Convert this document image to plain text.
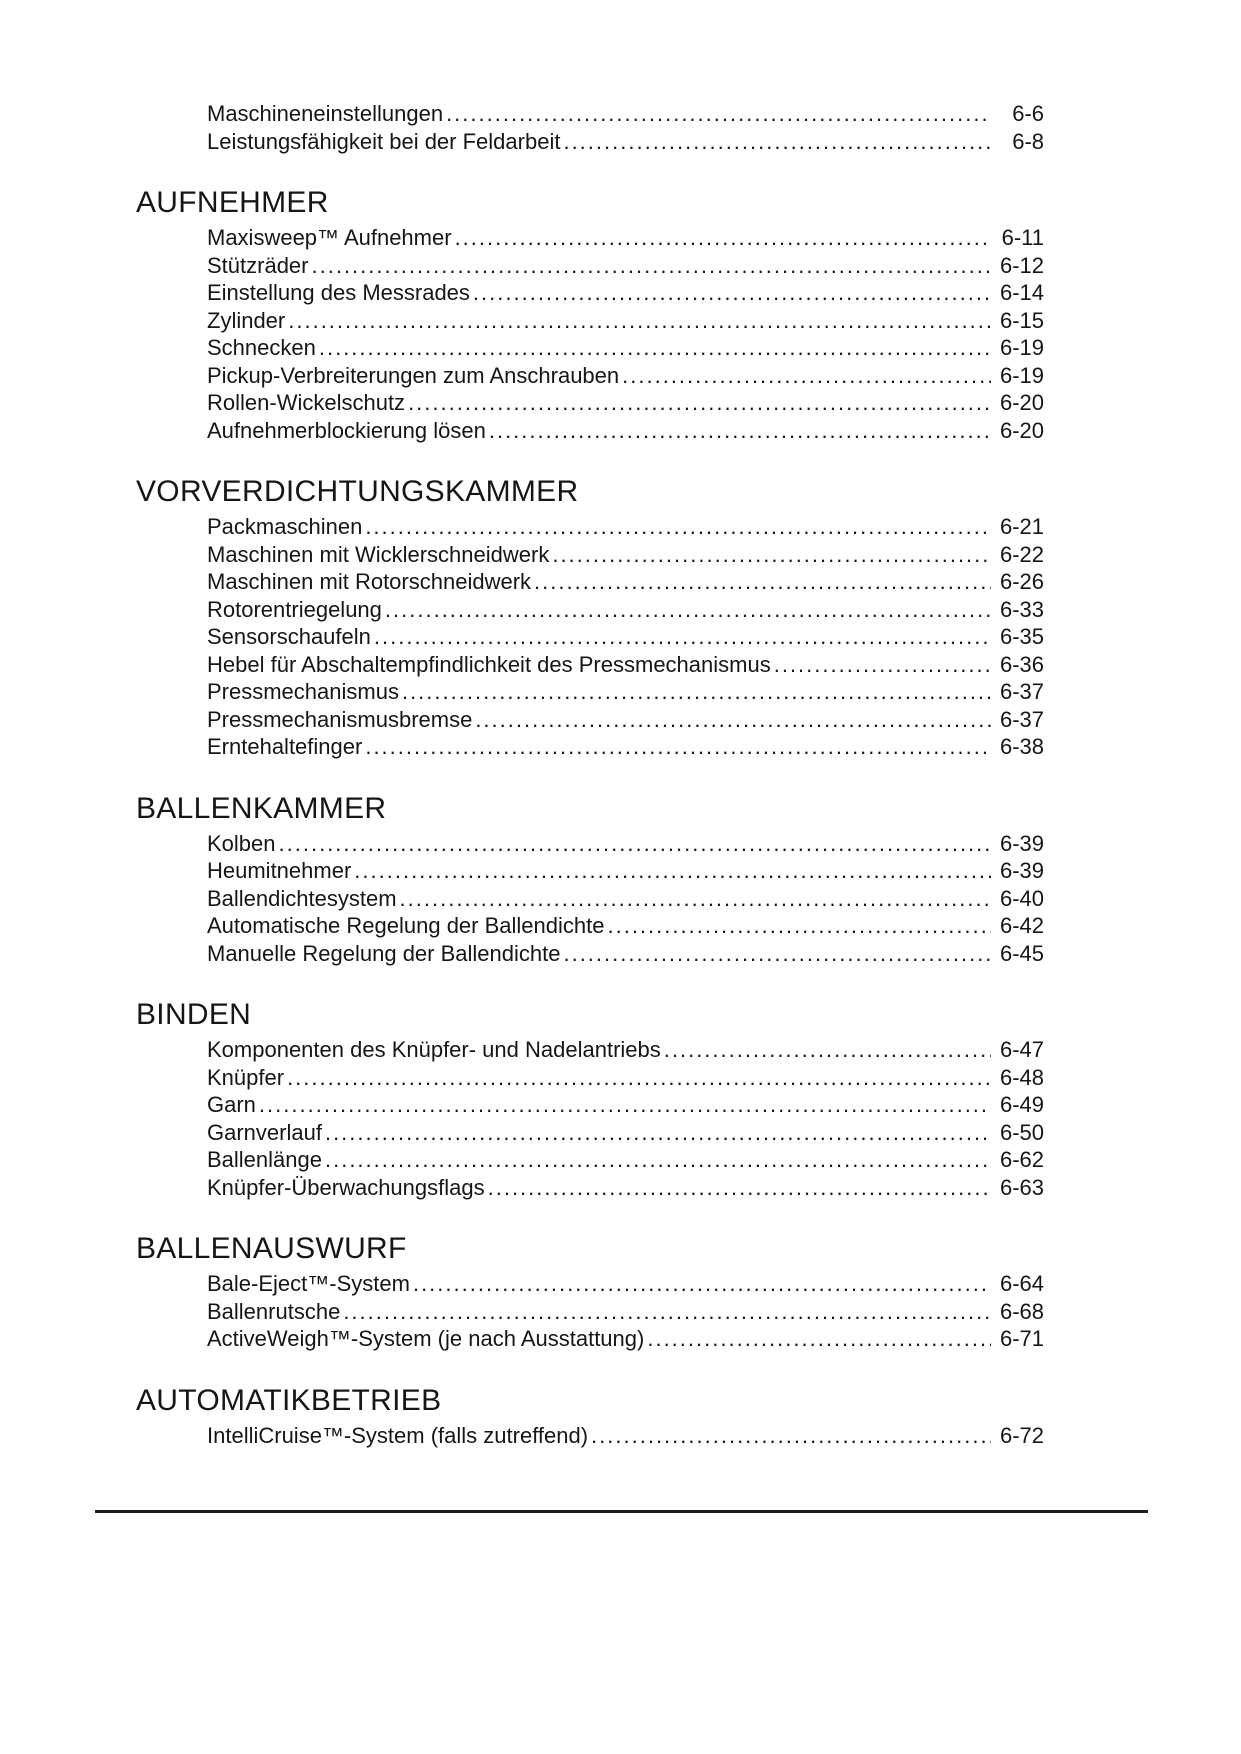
Maschineneinstellungen .....	6-6
Leistungsfähigkeit bei der Feldarbeit .....	6-8
AUFNEHMER
Maxisweep™ Aufnehmer .....	6-11
Stützräder .....	6-12
Einstellung des Messrades .....	6-14
Zylinder .....	6-15
Schnecken .....	6-19
Pickup-Verbreiterungen zum Anschrauben .....	6-19
Rollen-Wickelschutz .....	6-20
Aufnehmerblockierung lösen .....	6-20
VORVERDICHTUNGSKAMMER
Packmaschinen .....	6-21
Maschinen mit Wicklerschneidwerk .....	6-22
Maschinen mit Rotorschneidwerk .....	6-26
Rotorentriegelung .....	6-33
Sensorschaufeln .....	6-35
Hebel für Abschaltempfindlichkeit des Pressmechanismus .....	6-36
Pressmechanismus .....	6-37
Pressmechanismusbremse .....	6-37
Erntehaltefinger .....	6-38
BALLENKAMMER
Kolben .....	6-39
Heumitnehmer .....	6-39
Ballendichtesystem .....	6-40
Automatische Regelung der Ballendichte .....	6-42
Manuelle Regelung der Ballendichte .....	6-45
BINDEN
Komponenten des Knüpfer- und Nadelantriebs .....	6-47
Knüpfer .....	6-48
Garn .....	6-49
Garnverlauf .....	6-50
Ballenlänge .....	6-62
Knüpfer-Überwachungsflags .....	6-63
BALLENAUSWURF
Bale-Eject™-System .....	6-64
Ballenrutsche .....	6-68
ActiveWeigh™-System (je nach Ausstattung) .....	6-71
AUTOMATIKBETRIEB
IntelliCruise™-System (falls zutreffend) .....	6-72
